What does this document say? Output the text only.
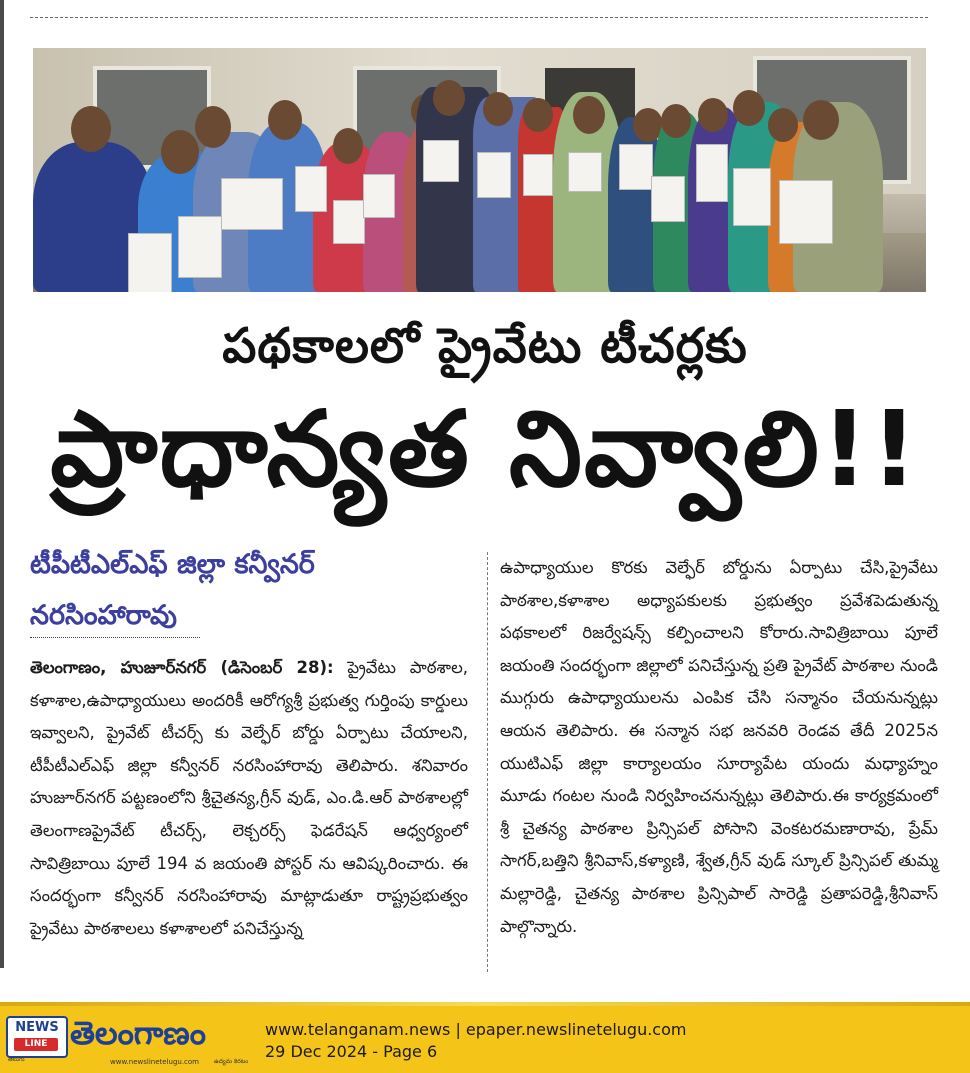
పథకాలలో ప్రైవేటు టీచర్లకు
ప్రాధాన్యత నివ్వాలి!!
టీపీటీఎల్ఎఫ్ జిల్లా కన్వీనర్
నరసింహారావు
తెలంగాణం, హుజూర్‌నగర్ (డిసెంబర్ 28): ప్రైవేటు పాఠశాల, కళాశాల,ఉపాధ్యాయులు అందరికీ ఆరోగ్యశ్రీ ప్రభుత్వ గుర్తింపు కార్డులు ఇవ్వాలని, ప్రైవేట్ టీచర్స్ కు వెల్ఫేర్ బోర్డు ఏర్పాటు చేయాలని, టీపీటీఎల్ఎఫ్ జిల్లా కన్వీనర్ నరసింహారావు తెలిపారు. శనివారం హుజూర్‌నగర్ పట్టణంలోని శ్రీచైతన్య,గ్రీన్ వుడ్, ఎం.డి.ఆర్ పాఠశాలల్లో తెలంగాణప్రైవేట్ టీచర్స్, లెక్చరర్స్ ఫెడరేషన్ ఆధ్వర్యంలో సావిత్రిబాయి పూలే 194 వ జయంతి పోస్టర్ ను ఆవిష్కరించారు. ఈ సందర్భంగా కన్వీనర్ నరసింహారావు మాట్లాడుతూ రాష్ట్రప్రభుత్వం ప్రైవేటు పాఠశాలలు కళాశాలలో పనిచేస్తున్న
ఉపాధ్యాయుల కొరకు వెల్ఫేర్ బోర్డును ఏర్పాటు చేసి,ప్రైవేటు పాఠశాల,కళాశాల అధ్యాపకులకు ప్రభుత్వం ప్రవేశపెడుతున్న పథకాలలో రిజర్వేషన్స్ కల్పించాలని కోరారు.సావిత్రిబాయి పూలే జయంతి సందర్భంగా జిల్లాలో పనిచేస్తున్న ప్రతి ప్రైవేట్ పాఠశాల నుండి ముగ్గురు ఉపాధ్యాయులను ఎంపిక చేసి సన్మానం చేయనున్నట్లు ఆయన తెలిపారు. ఈ సన్మాన సభ జనవరి రెండవ తేదీ 2025న యుటిఎఫ్ జిల్లా కార్యాలయం సూర్యాపేట యందు మధ్యాహ్నం మూడు గంటల నుండి నిర్వహించనున్నట్లు తెలిపారు.ఈ కార్యక్రమంలో శ్రీ చైతన్య పాఠశాల ప్రిన్సిపల్ పోసాని వెంకటరమణారావు, ప్రేమ్ సాగర్,బత్తిని శ్రీనివాస్,కళ్యాణి, శ్వేత,గ్రీన్ వుడ్ స్కూల్ ప్రిన్సిపల్ తుమ్మ మల్లారెడ్డి, చైతన్య పాఠశాల ప్రిన్సిపాల్ సారెడ్డి ప్రతాపరెడ్డి,శ్రీనివాస్ పాల్గొన్నారు.
NEWS
LINE
తెలుగు
తెలంగాణం
www.newslinetelugu.com	ఉద్యమ కెరటం
www.telanganam.news | epaper.newslinetelugu.com
29 Dec 2024 - Page 6
